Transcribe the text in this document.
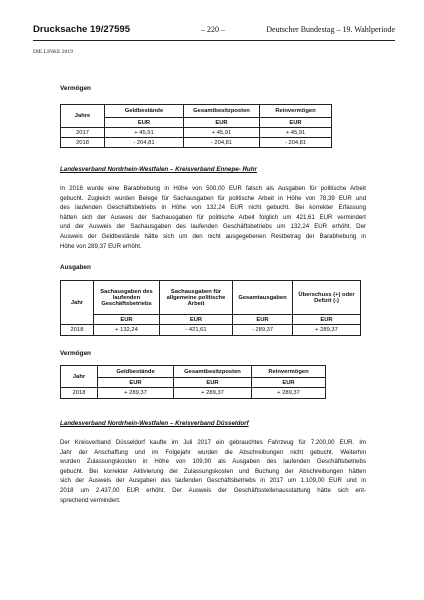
Drucksache 19/27595	– 220 –	Deutscher Bundestag – 19. Wahlperiode
DIE LINKE 2019
Vermögen
Jahre	Geldbestände	Gesamtbesitzposten	Reinvermögen
	EUR	EUR	EUR
2017	+ 45,91	+ 45,91	+ 45,91
2018	- 204,81	- 204,81	- 204,81
Landesverband Nordrhein-Westfalen – Kreisverband Ennepe- Ruhr

In 2018 wurde eine Barabhebung in Höhe von 500,00 EUR falsch als Ausgaben für politische Arbeit

gebucht. Zugleich wurden Belege für Sachausgaben für politische Arbeit in Höhe von 78,39 EUR und

des laufenden Geschäftsbetriebs in Höhe von 132,24 EUR nicht gebucht. Bei korrekter Erfassung

hätten sich der Ausweis der Sachausgaben für politische Arbeit folglich um 421,61 EUR vermindert

und der Ausweis der Sachausgaben des laufenden Geschäftsbetriebs um 132,24 EUR erhöht. Der

Ausweis der Geldbestände hätte sich um den nicht ausgegebenen Restbetrag der Barabhebung in

Höhe von 289,37 EUR erhöht.

Ausgaben
Jahr	Sachausgaben des laufenden Geschäftsbetriebs	Sachausgaben für allgemeine politische Arbeit	Gesamtausgaben	Überschuss (+) oder Defizit (-)
	EUR	EUR	EUR	EUR
2018	+ 132,24	- 421,61	- 289,37	+ 289,37
Vermögen
Jahr	Geldbestände	Gesamtbesitzposten	Reinvermögen
	EUR	EUR	EUR
2018	+ 289,37	+ 289,37	+ 289,37
Landesverband Nordrhein-Westfalen – Kreisverband Düsseldorf

Der Kreisverband Düsseldorf kaufte im Juli 2017 ein gebrauchtes Fahrzeug für 7.200,00 EUR. Im

Jahr der Anschaffung und im Folgejahr wurden die Abschreibungen nicht gebucht. Weiterhin

wurden Zulassungskosten in Höhe von 109,90 als Ausgaben des laufenden Geschäftsbetriebs

gebucht. Bei korrekter Aktivierung der Zulassungskosten und Buchung der Abschreibungen hätten

sich der Ausweis der Ausgaben des laufenden Geschäftsbetriebs in 2017 um 1.109,00 EUR und in

2018 um 2.437,00 EUR erhöht. Der Ausweis der Geschäftsstellenausstattung hätte sich ent-

sprechend vermindert.
